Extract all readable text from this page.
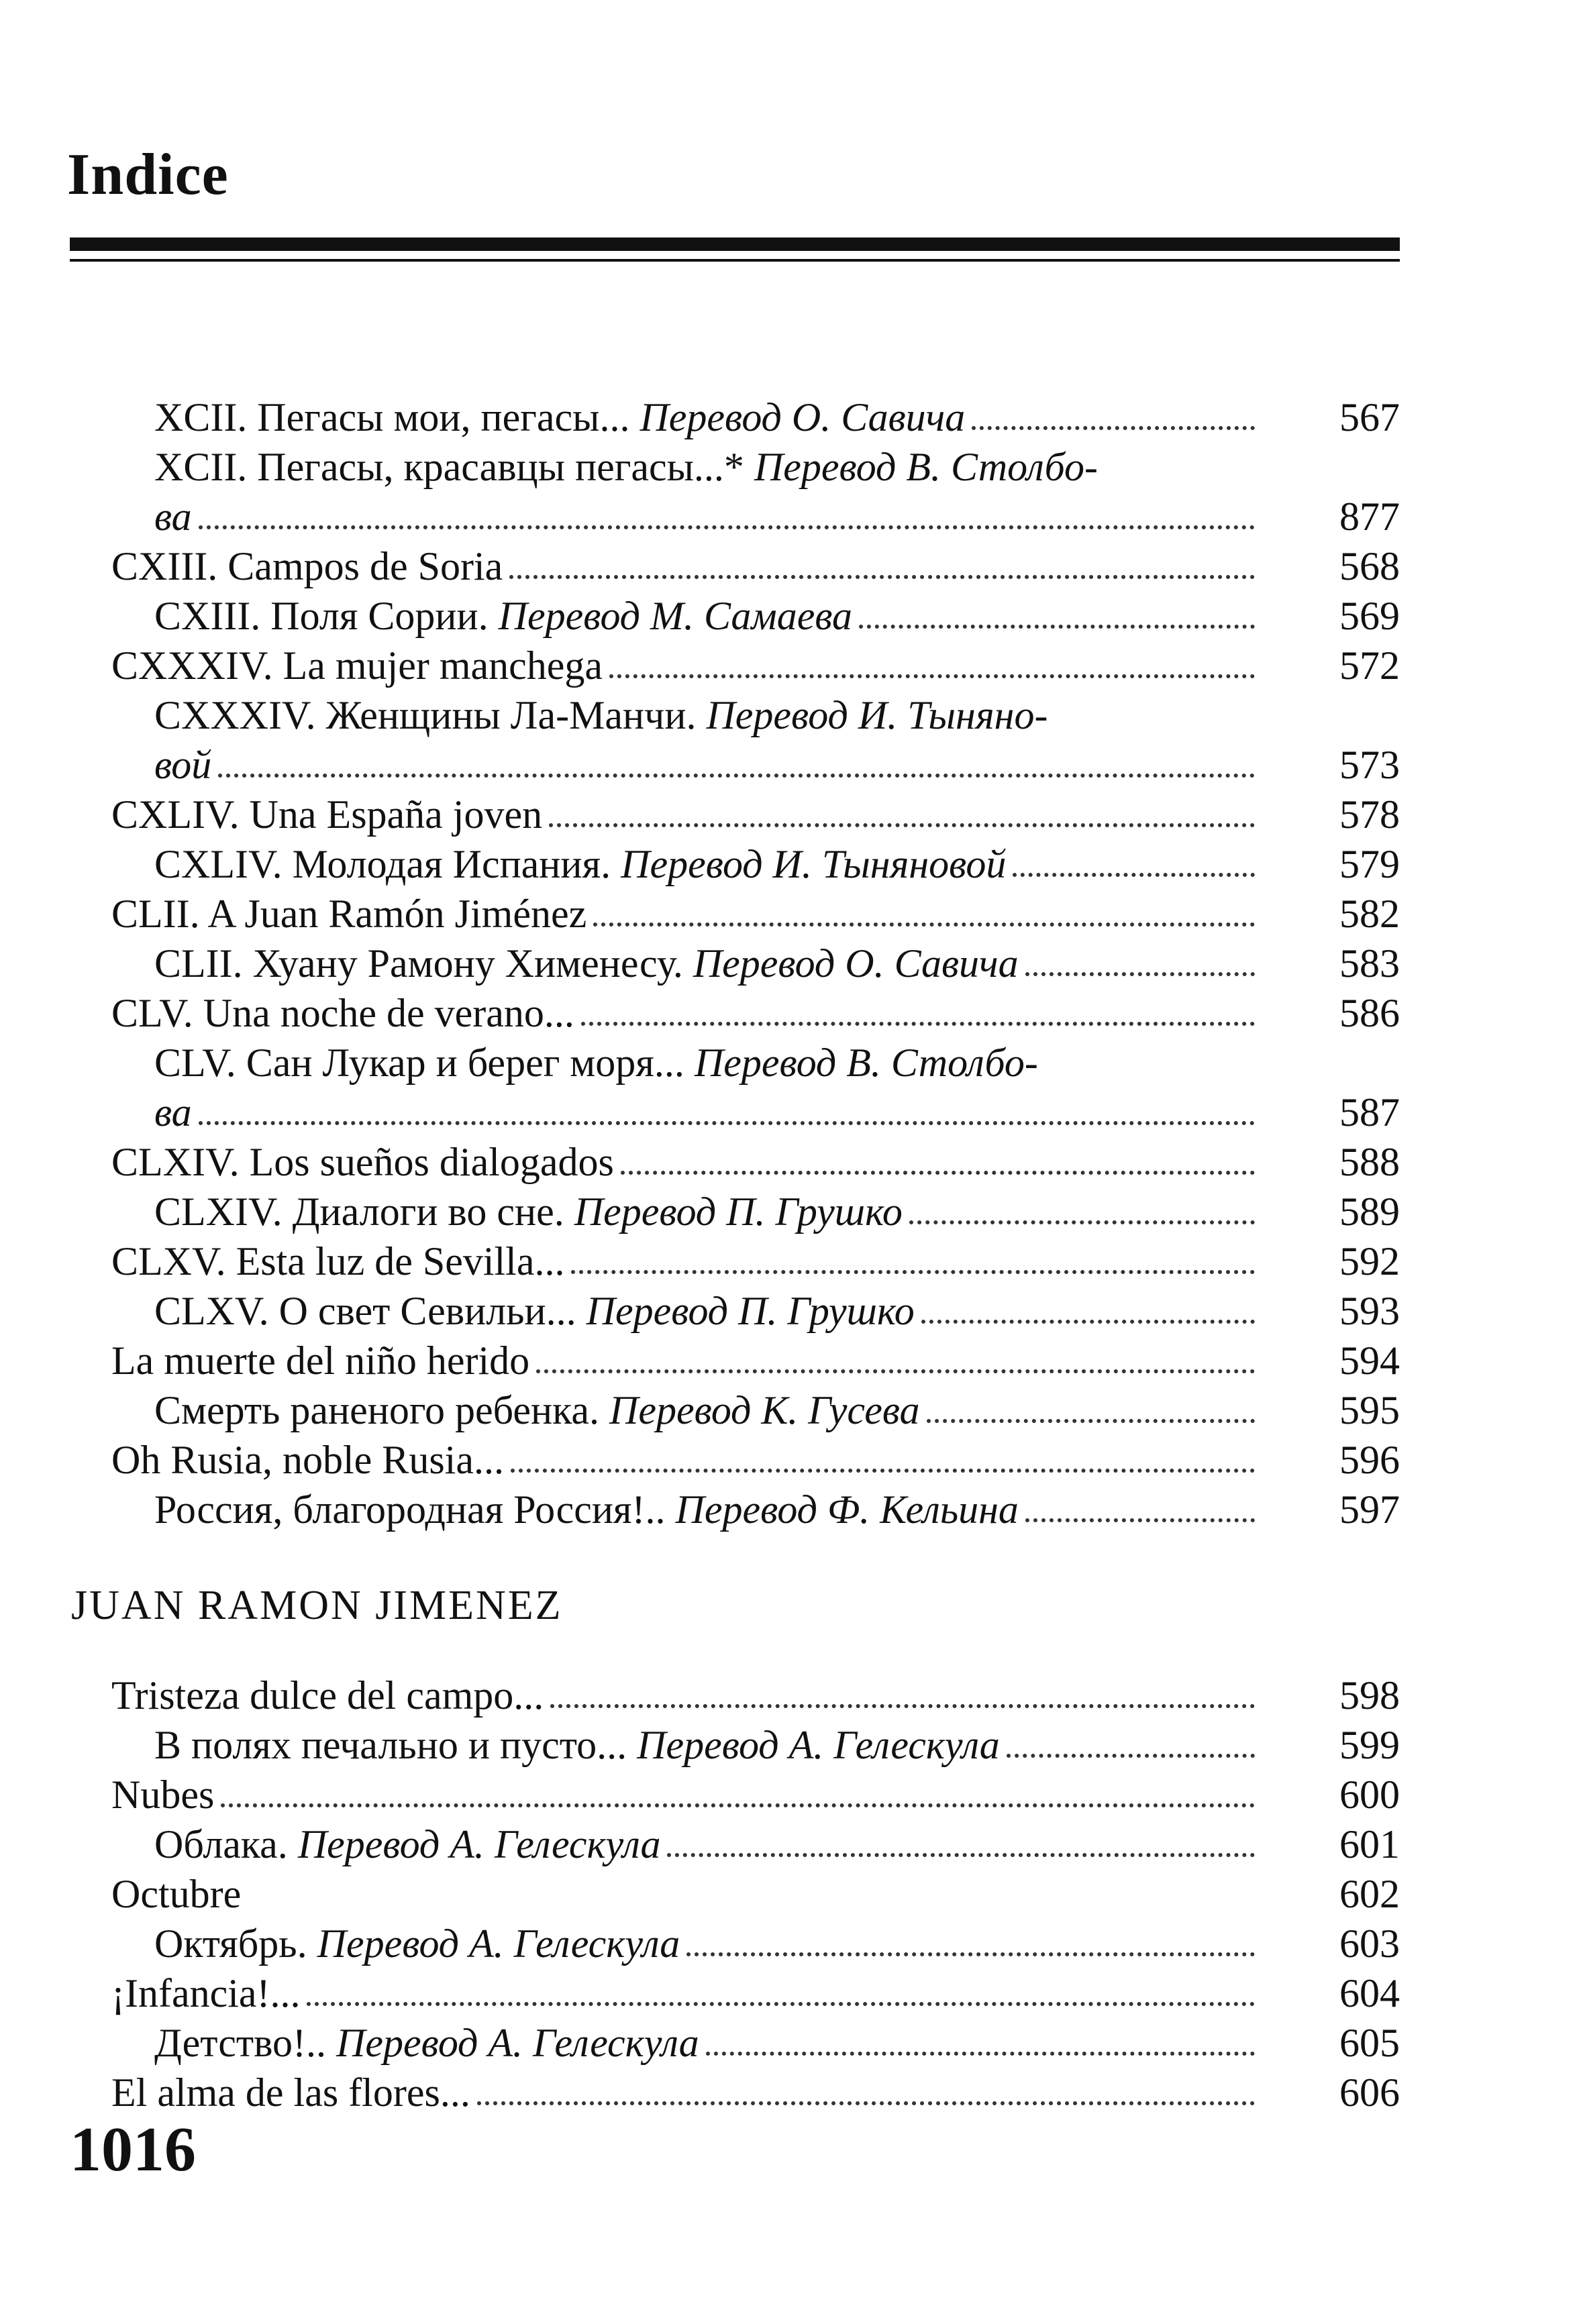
Indice
XCII. Пегасы мои, пегасы... Перевод О. Савича	567
XCII. Пегасы, красавцы пегасы...* Перевод В. Столбо-
ва	877
CXIII. Campos de Soria	568
CXIII. Поля Сории. Перевод М. Самаева	569
CXXXIV. La mujer manchega	572
CXXXIV. Женщины Ла-Манчи. Перевод И. Тыняно-
вой	573
CXLIV. Una España joven	578
CXLIV. Молодая Испания. Перевод И. Тыняновой	579
CLII. A Juan Ramón Jiménez	582
CLII. Хуану Рамону Хименесу. Перевод О. Савича	583
CLV. Una noche de verano...	586
CLV. Сан Лукар и берег моря... Перевод В. Столбо-
ва	587
CLXIV. Los sueños dialogados	588
CLXIV. Диалоги во сне. Перевод П. Грушко	589
CLXV. Esta luz de Sevilla...	592
CLXV. О свет Севильи... Перевод П. Грушко	593
La muerte del niño herido	594
Смерть раненого ребенка. Перевод К. Гусева	595
Oh Rusia, noble Rusia...	596
Россия, благородная Россия!.. Перевод Ф. Кельина	597
JUAN RAMON JIMENEZ
Tristeza dulce del campo...	598
В полях печально и пусто... Перевод А. Гелескула	599
Nubes	600
Облака. Перевод А. Гелескула	601
Octubre	602
Октябрь. Перевод А. Гелескула	603
¡Infancia!...	604
Детство!.. Перевод А. Гелескула	605
El alma de las flores...	606
1016
